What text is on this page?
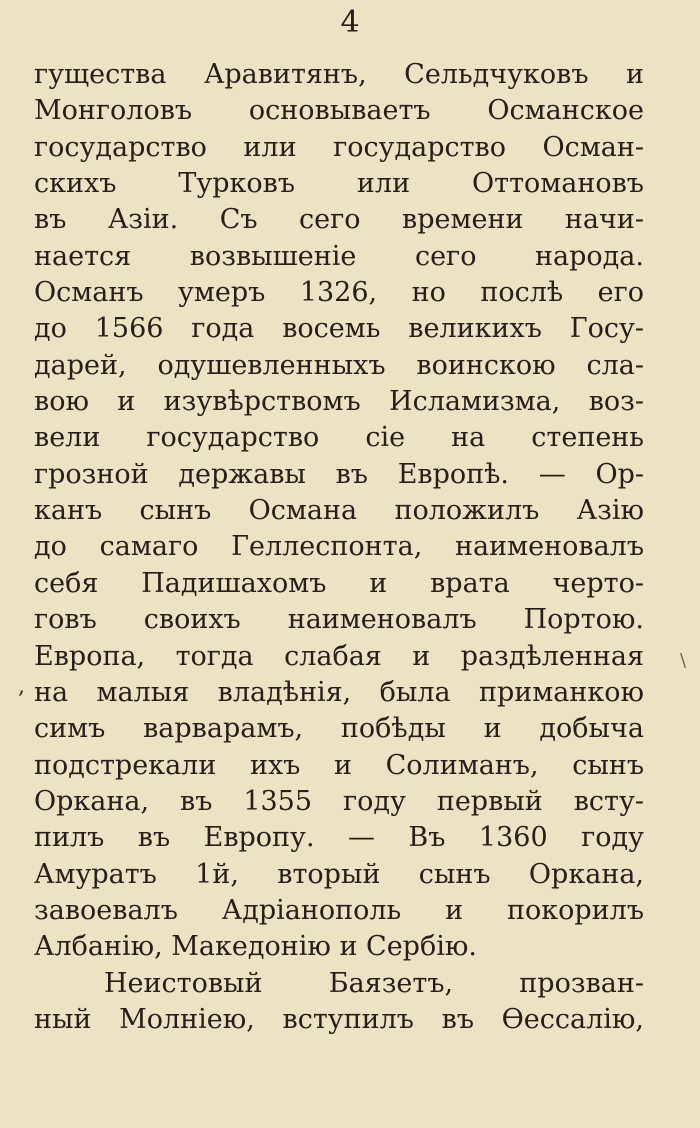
4
,
\
гущества Аравитянъ, Сельдчуковъ и
Монголовъ основываетъ Османское
государство или государство Осман-
скихъ Турковъ или Оттомановъ
въ Азiи. Съ сего времени начи-
нается возвышенiе сего народа.
Османъ умеръ 1326, но послѣ его
до 1566 года восемь великихъ Госу-
дарей, одушевленныхъ воинскою сла-
вою и изувѣрствомъ Исламизма, воз-
вели государство сiе на степень
грозной державы въ Европѣ. — Ор-
канъ сынъ Османа положилъ Азiю
до самаго Геллеспонта, наименовалъ
себя Падишахомъ и врата черто-
говъ своихъ наименовалъ Портою.
Европа, тогда слабая и раздѣленная
на малыя владѣнiя, была приманкою
симъ варварамъ, побѣды и добыча
подстрекали ихъ и Солиманъ, сынъ
Оркана, въ 1355 году первый всту-
пилъ въ Европу. — Въ 1360 году
Амуратъ 1й, вторый сынъ Оркана,
завоевалъ Адрiанополь и покорилъ
Албанiю, Македонiю и Сербiю.
Неистовый Баязетъ, прозван-
ный Молнiею, вступилъ въ Ѳессалiю,
